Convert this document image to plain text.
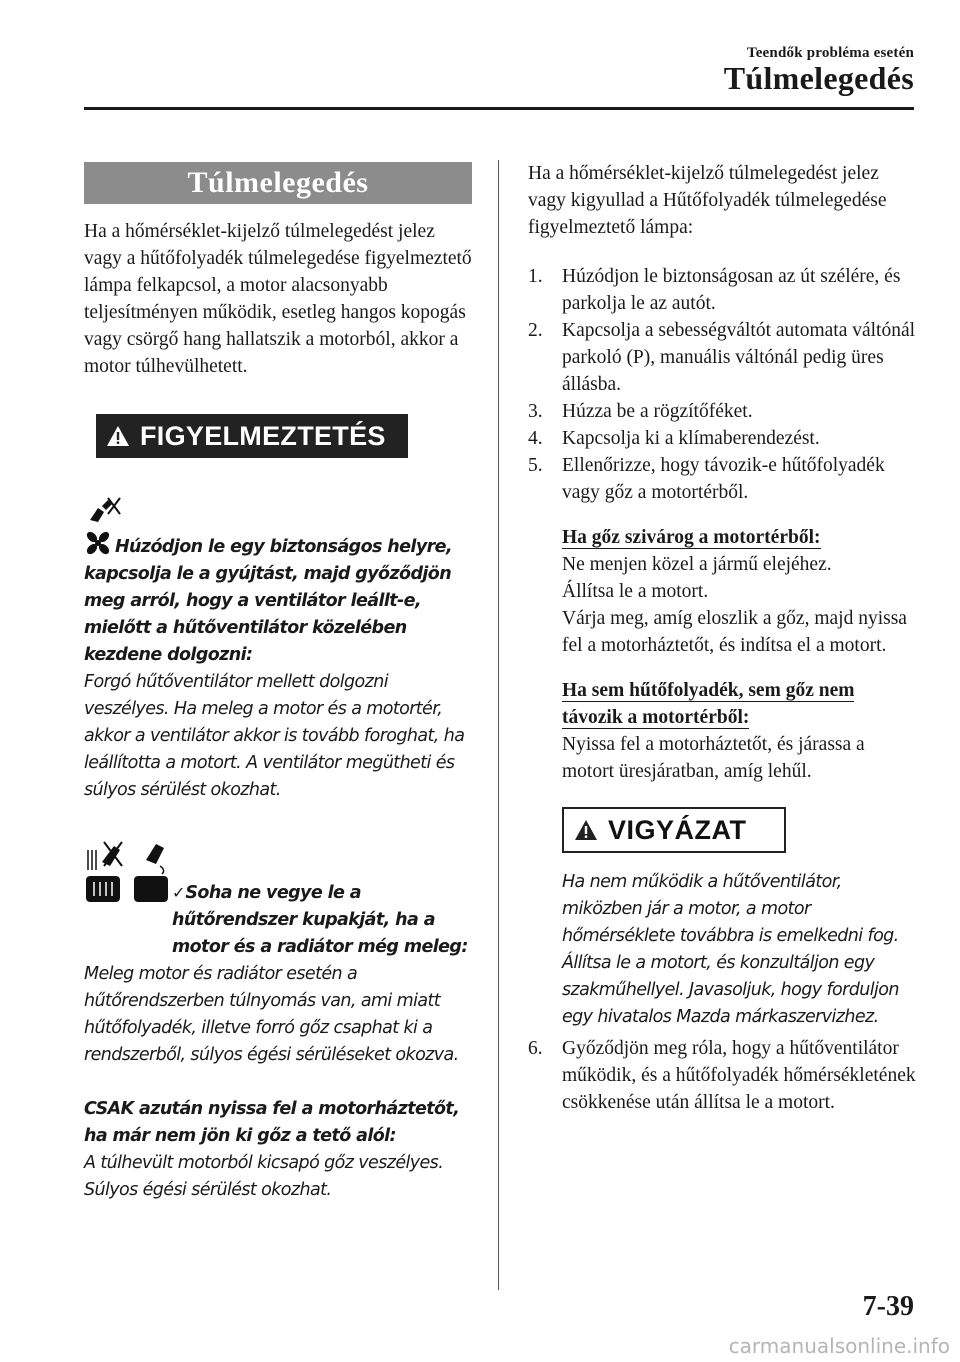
Teendők probléma esetén
Túlmelegedés
Túlmelegedés

Ha a hőmérséklet-kijelző túlmelegedést jelez vagy a hűtőfolyadék túlmelegedése figyelmeztető lámpa felkapcsol, a motor alacsonyabb teljesítményen működik, esetleg hangos kopogás vagy csörgő hang hallatszik a motorból, akkor a motor túlhevülhetett.

FIGYELMEZTETÉS

Húzódjon le egy biztonságos helyre, kapcsolja le a gyújtást, majd győződjön meg arról, hogy a ventilátor leállt-e, mielőtt a hűtőventilátor közelében kezdene dolgozni:

Forgó hűtőventilátor mellett dolgozni veszélyes. Ha meleg a motor és a motortér, akkor a ventilátor akkor is tovább foroghat, ha leállította a motort. A ventilátor megütheti és súlyos sérülést okozhat.

✓Soha ne vegye le a hűtőrendszer kupakját, ha a motor és a radiátor még meleg:

Meleg motor és radiátor esetén a hűtőrendszerben túlnyomás van, ami miatt hűtőfolyadék, illetve forró gőz csaphat ki a rendszerből, súlyos égési sérüléseket okozva.

CSAK azután nyissa fel a motorháztetőt, ha már nem jön ki gőz a tető alól:

A túlhevült motorból kicsapó gőz veszélyes. Súlyos égési sérülést okozhat.

Ha a hőmérséklet-kijelző túlmelegedést jelez vagy kigyullad a Hűtőfolyadék túlmelegedése figyelmeztető lámpa:

1. Húzódjon le biztonságosan az út szélére, és parkolja le az autót.
2. Kapcsolja a sebességváltót automata váltónál parkoló (P), manuális váltónál pedig üres állásba.
3. Húzza be a rögzítőféket.
4. Kapcsolja ki a klímaberendezést.
5. Ellenőrizze, hogy távozik-e hűtőfolyadék vagy gőz a motortérből.
Ha gőz szivárog a motortérből:

Ne menjen közel a jármű elejéhez.

Állítsa le a motort.

Várja meg, amíg eloszlik a gőz, majd nyissa fel a motorháztetőt, és indítsa el a motort.

Ha sem hűtőfolyadék, sem gőz nem
távozik a motortérből:

Nyissa fel a motorháztetőt, és járassa a motort üresjáratban, amíg lehűl.

VIGYÁZAT

Ha nem működik a hűtőventilátor, miközben jár a motor, a motor hőmérséklete továbbra is emelkedni fog. Állítsa le a motort, és konzultáljon egy szakműhellyel. Javasoljuk, hogy forduljon egy hivatalos Mazda márkaszervizhez.

6. Győződjön meg róla, hogy a hűtőventilátor működik, és a hűtőfolyadék hőmérsékletének csökkenése után állítsa le a motort.
7-39
carmanualsonline.info
